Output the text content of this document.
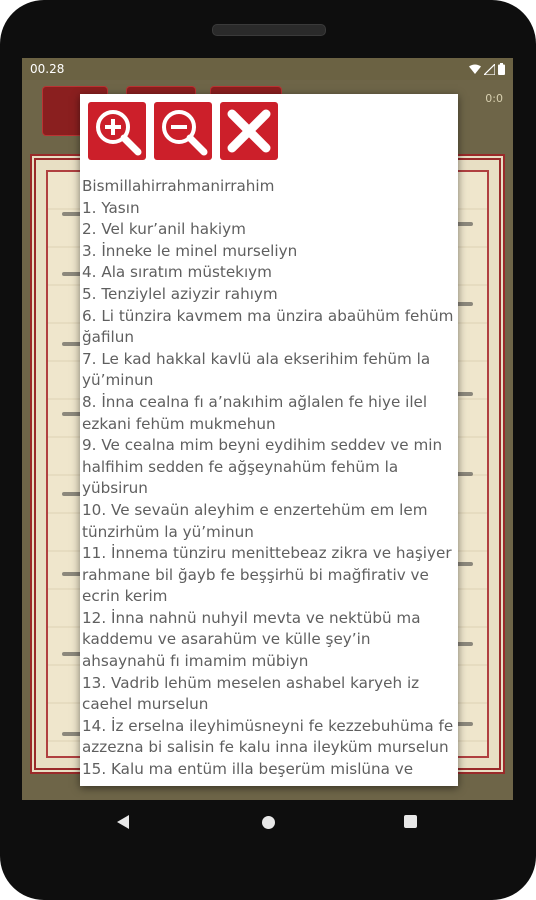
00.28
0:0
Bismillahirrahmanirrahim
1. Yasın
2. Vel kur’anil hakiym
3. İnneke le minel murseliyn
4. Ala sıratım müstekıym
5. Tenziylel aziyzir rahıym
6. Li tünzira kavmem ma ünzira abaühüm fehüm ğafilun
7. Le kad hakkal kavlü ala ekserihim fehüm la yü’minun
8. İnna cealna fı a’nakıhim ağlalen fe hiye ilel ezkani fehüm mukmehun
9. Ve cealna mim beyni eydihim seddev ve min halfihim sedden fe ağşeynahüm fehüm la yübsirun
10. Ve sevaün aleyhim e enzertehüm em lem tünzirhüm la yü’minun
11. İnnema tünziru menittebeaz zikra ve haşiyer rahmane bil ğayb fe beşşirhü bi mağfirativ ve ecrin kerim
12. İnna nahnü nuhyil mevta ve nektübü ma kaddemu ve asarahüm ve külle şey’in ahsaynahü fı imamim mübiyn
13. Vadrib lehüm meselen ashabel karyeh iz caehel murselun
14. İz erselna ileyhimüsneyni fe kezzebuhüma fe azzezna bi salisin fe kalu inna ileyküm murselun
15. Kalu ma entüm illa beşerüm mislüna ve
